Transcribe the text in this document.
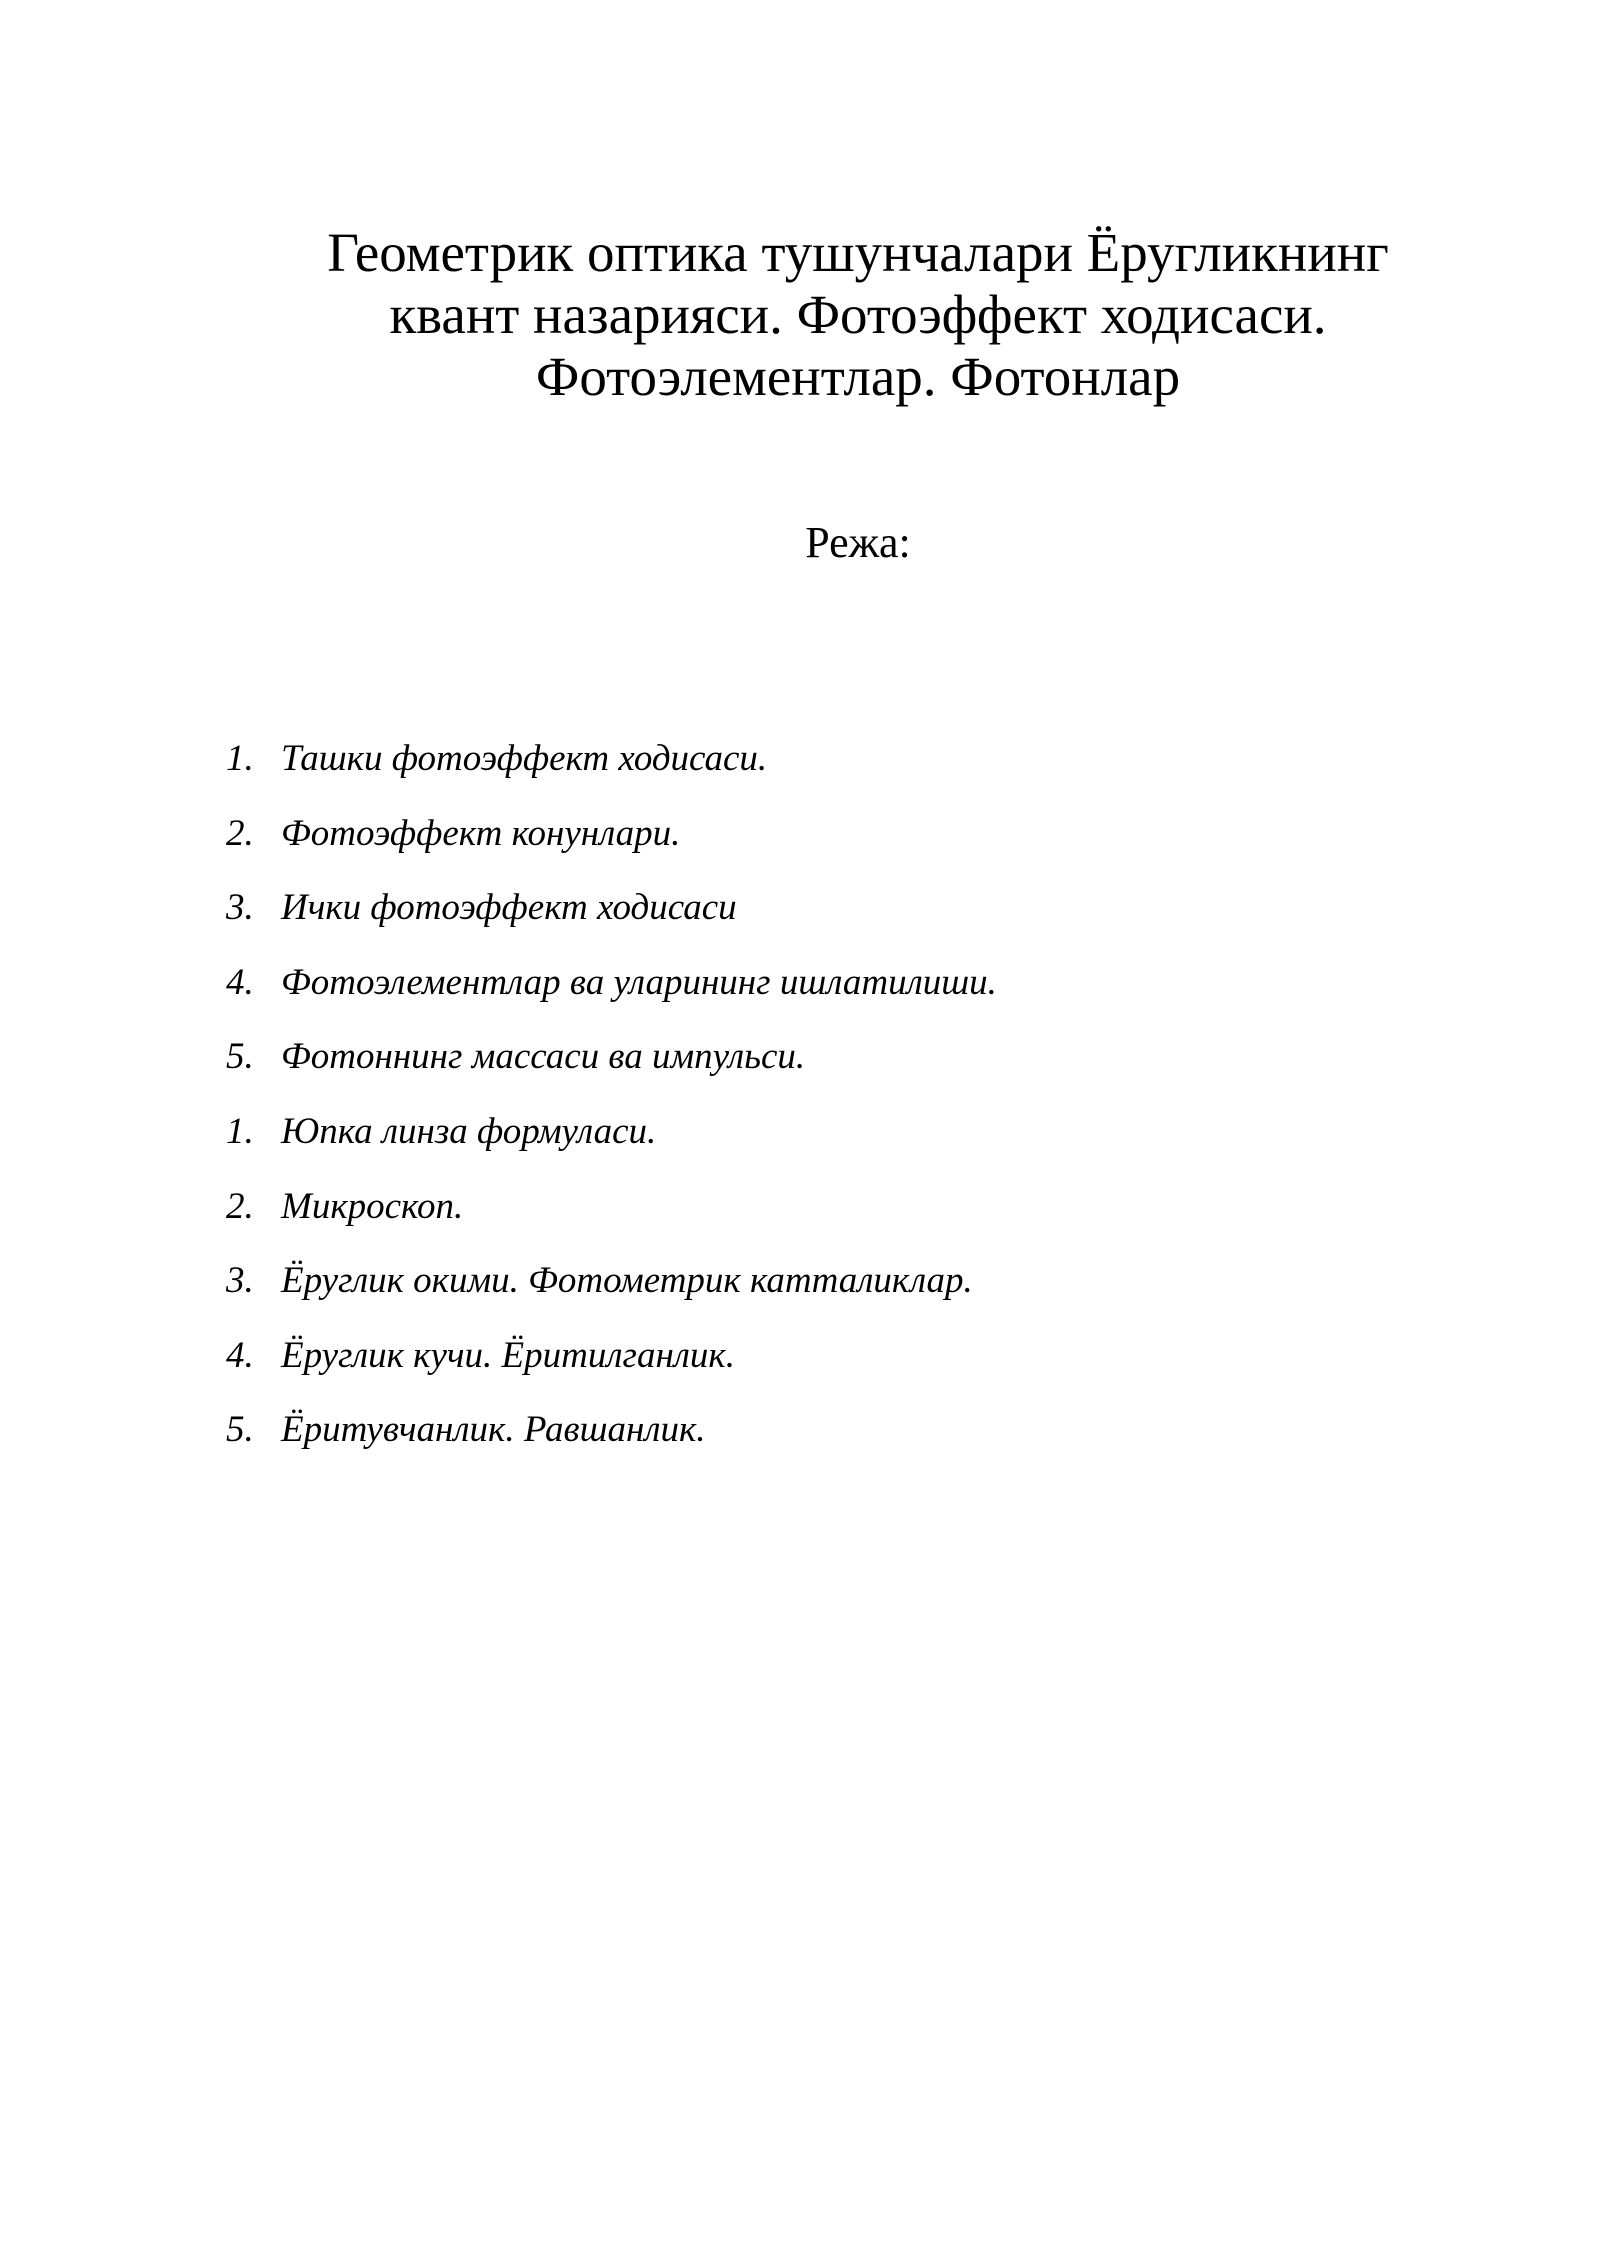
Геометрик оптика тушунчалари Ёругликнинг
квант назарияси. Фотоэффект ходисаси.
Фотоэлементлар. Фотонлар
Режа:
1. Ташки фотоэффект ходисаси.
2. Фотоэффект конунлари.
3. Ички фотоэффект ходисаси
4. Фотоэлементлар ва уларининг ишлатилиши.
5. Фотоннинг массаси ва импульси.
1. Юпка линза формуласи.
2. Микроскоп.
3. Ёруглик окими. Фотометрик катталиклар.
4. Ёруглик кучи. Ёритилганлик.
5. Ёритувчанлик. Равшанлик.
